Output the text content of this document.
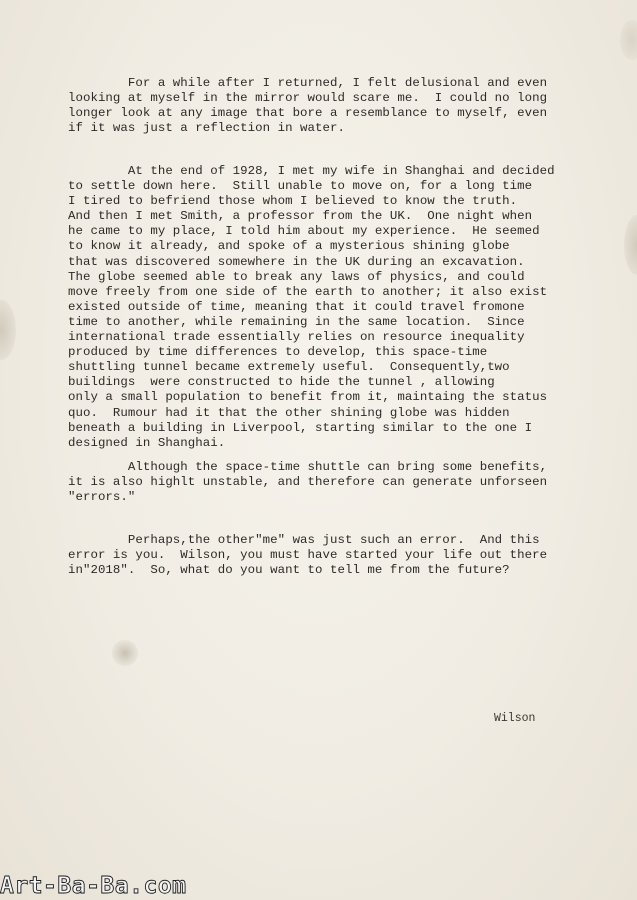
For a while after I returned, I felt delusional and even
looking at myself in the mirror would scare me.  I could no long
longer look at any image that bore a resemblance to myself, even
if it was just a reflection in water.

At the end of 1928, I met my wife in Shanghai and decided
to settle down here.  Still unable to move on, for a long time
I tired to befriend those whom I believed to know the truth.
And then I met Smith, a professor from the UK.  One night when
he came to my place, I told him about my experience.  He seemed
to know it already, and spoke of a mysterious shining globe
that was discovered somewhere in the UK during an excavation.
The globe seemed able to break any laws of physics, and could
move freely from one side of the earth to another; it also exist
existed outside of time, meaning that it could travel fromone
time to another, while remaining in the same location.  Since
international trade essentially relies on resource inequality
produced by time differences to develop, this space-time
shuttling tunnel became extremely useful.  Consequently,two
buildings  were constructed to hide the tunnel , allowing
only a small population to benefit from it, maintaing the status
quo.  Rumour had it that the other shining globe was hidden
beneath a building in Liverpool, starting similar to the one I
designed in Shanghai.

Although the space-time shuttle can bring some benefits,
it is also highlt unstable, and therefore can generate unforseen
"errors."

Perhaps,the other"me" was just such an error.  And this
error is you.  Wilson, you must have started your life out there
in"2018".  So, what do you want to tell me from the future?

Wilson
Art-Ba-Ba.com
